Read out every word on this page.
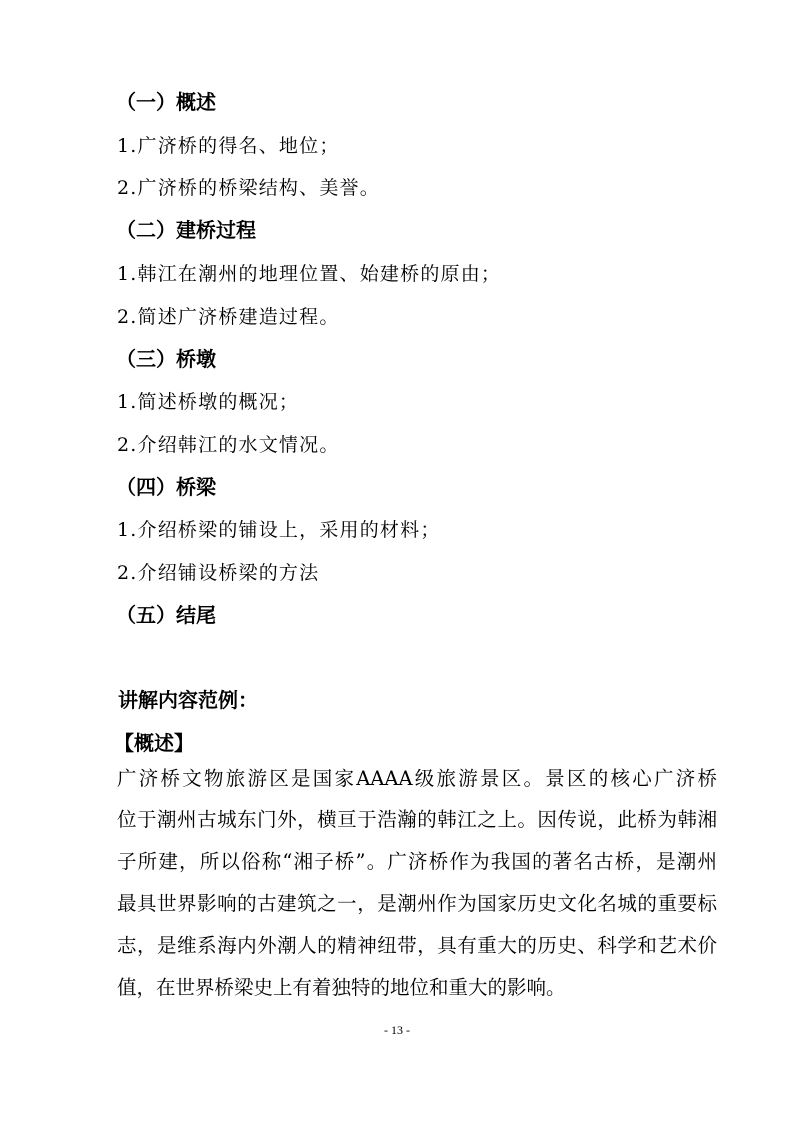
（一）概述
1.广济桥的得名、地位；
2.广济桥的桥梁结构、美誉。
（二）建桥过程
1.韩江在潮州的地理位置、始建桥的原由；
2.简述广济桥建造过程。
（三）桥墩
1.简述桥墩的概况；
2.介绍韩江的水文情况。
（四）桥梁
1.介绍桥梁的铺设上，采用的材料；
2.介绍铺设桥梁的方法
（五）结尾
讲解内容范例：
【概述】
广济桥文物旅游区是国家AAAA级旅游景区。景区的核心广济桥
位于潮州古城东门外，横亘于浩瀚的韩江之上。因传说，此桥为韩湘
子所建，所以俗称“湘子桥”。广济桥作为我国的著名古桥，是潮州
最具世界影响的古建筑之一，是潮州作为国家历史文化名城的重要标
志，是维系海内外潮人的精神纽带，具有重大的历史、科学和艺术价
值，在世界桥梁史上有着独特的地位和重大的影响。
- 13 -
